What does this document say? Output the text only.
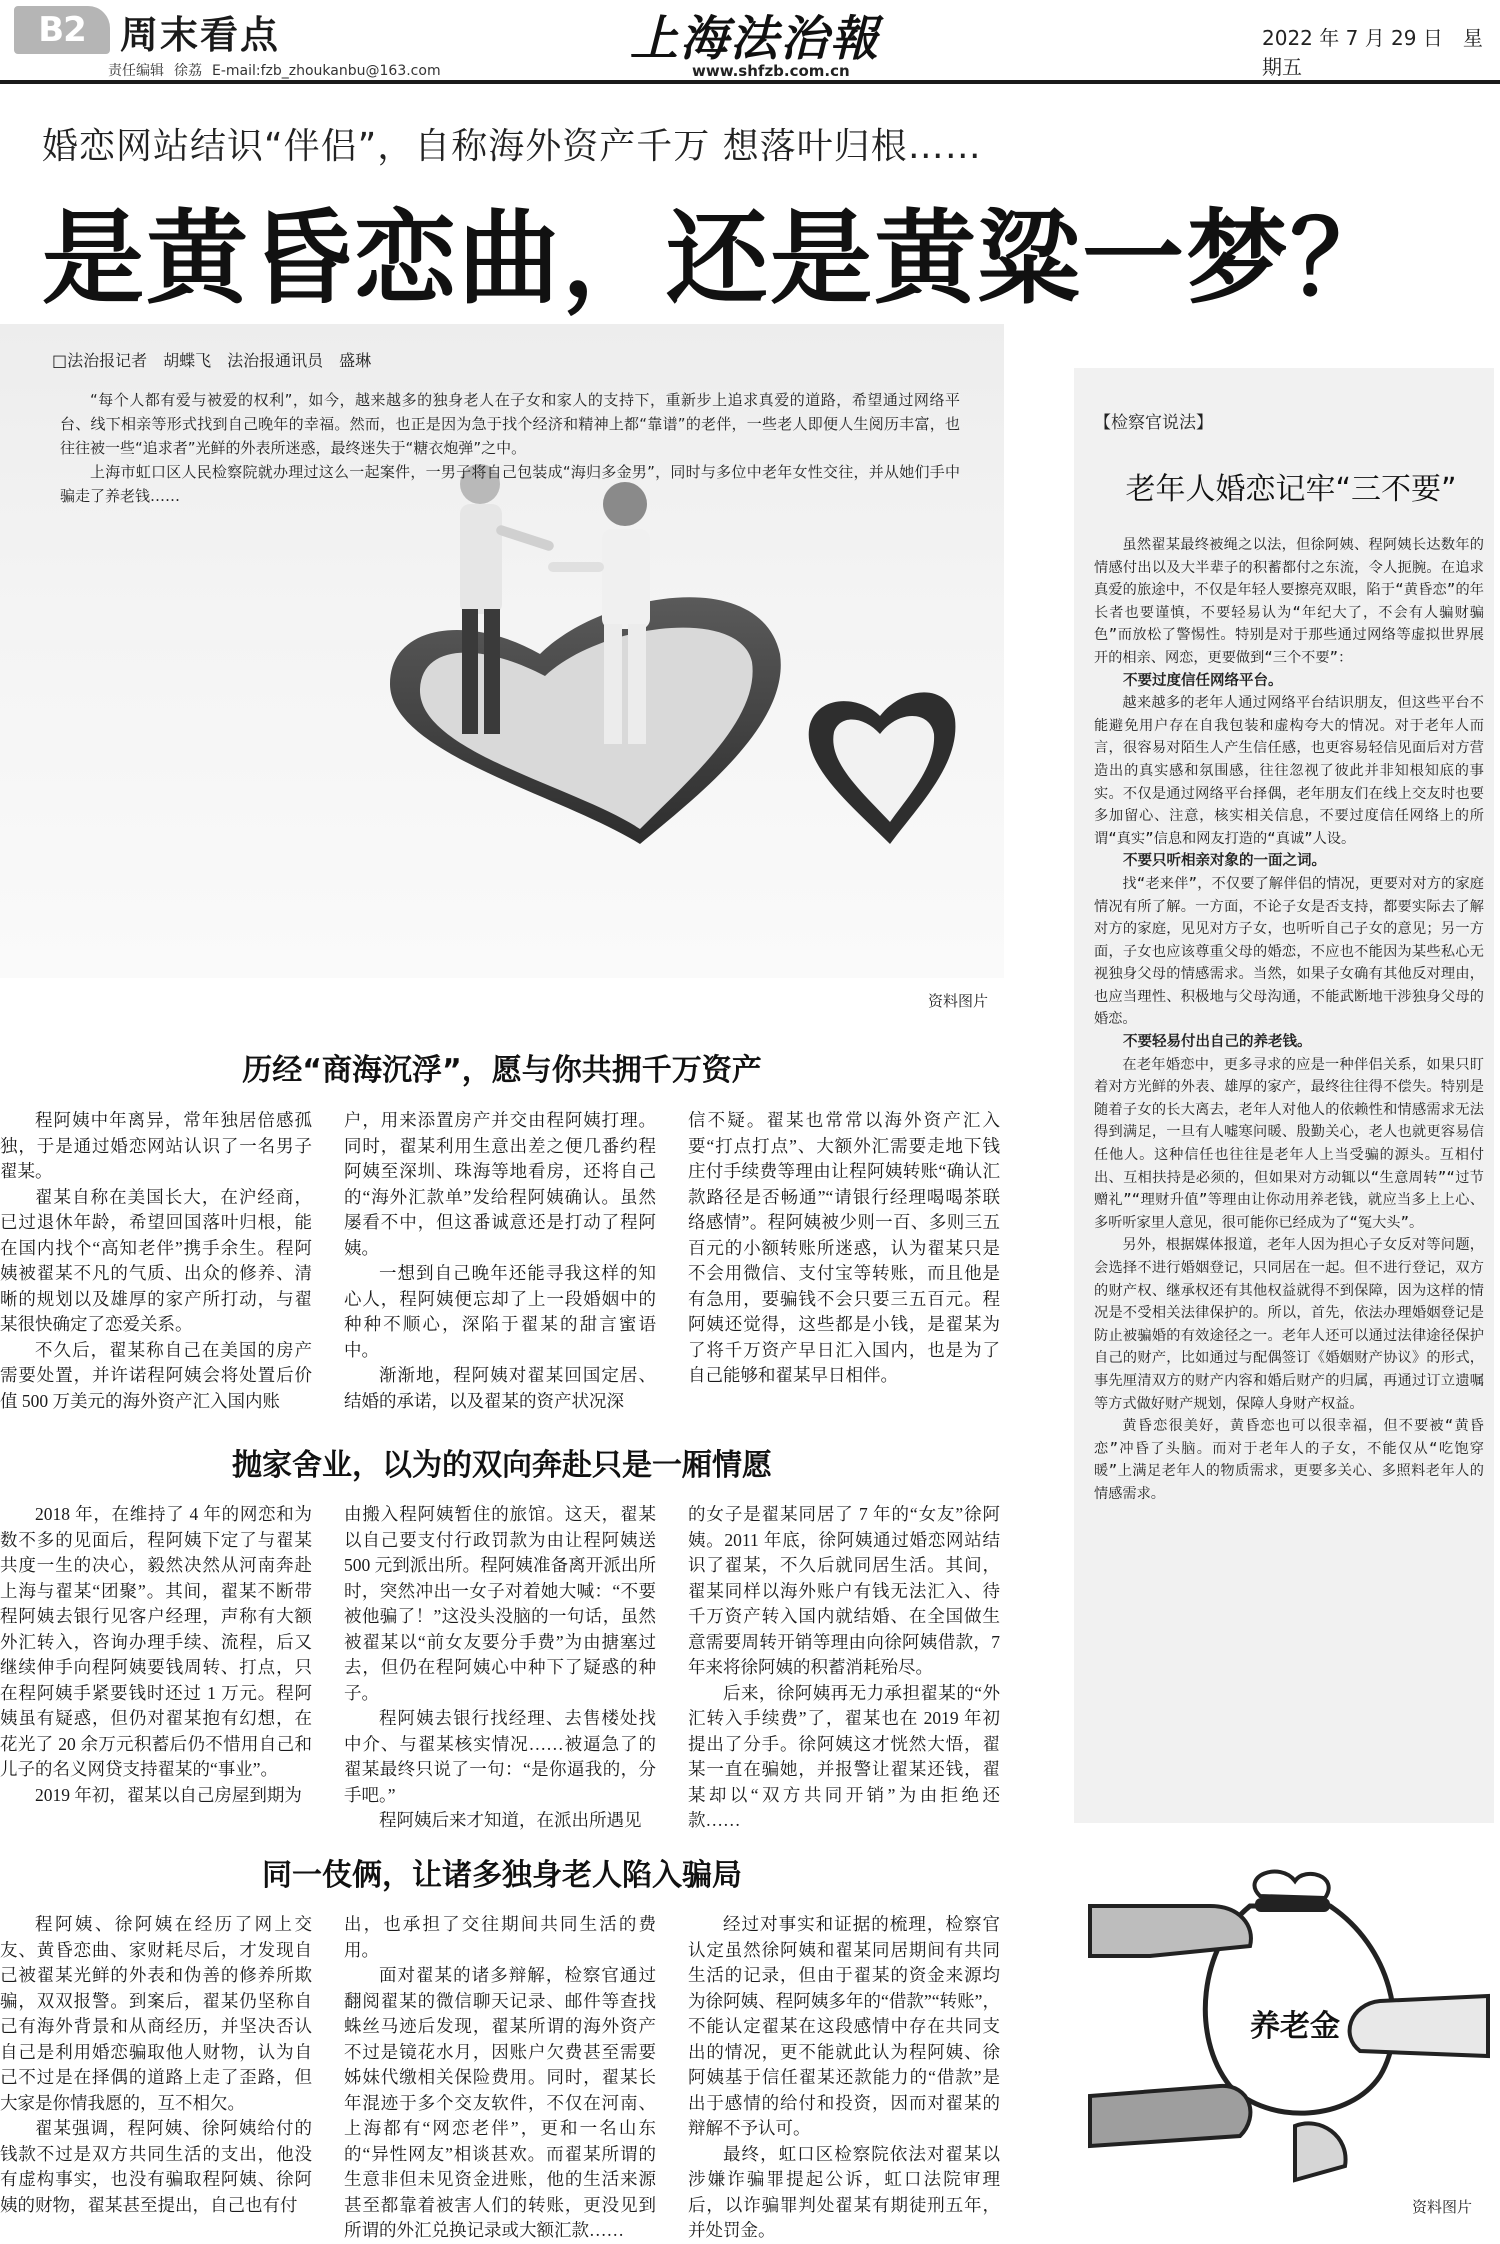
B2 周末看点
责任编辑 徐荔 E-mail:fzb_zhoukanbu@163.com
上海法治報
www.shfzb.com.cn
2022 年 7 月 29 日　星期五
婚恋网站结识“伴侣”，自称海外资产千万 想落叶归根……
是黄昏恋曲，还是黄粱一梦？
□法治报记者　胡蝶飞　法治报通讯员　盛琳

“每个人都有爱与被爱的权利”，如今，越来越多的独身老人在子女和家人的支持下，重新步上追求真爱的道路，希望通过网络平台、线下相亲等形式找到自己晚年的幸福。然而，也正是因为急于找个经济和精神上都“靠谱”的老伴，一些老人即便人生阅历丰富，也往往被一些“追求者”光鲜的外表所迷惑，最终迷失于“糖衣炮弹”之中。

上海市虹口区人民检察院就办理过这么一起案件，一男子将自己包装成“海归多金男”，同时与多位中老年女性交往，并从她们手中骗走了养老钱……

资料图片
历经“商海沉浮”，愿与你共拥千万资产

程阿姨中年离异，常年独居倍感孤独，于是通过婚恋网站认识了一名男子翟某。

翟某自称在美国长大，在沪经商，已过退休年龄，希望回国落叶归根，能在国内找个“高知老伴”携手余生。程阿姨被翟某不凡的气质、出众的修养、清晰的规划以及雄厚的家产所打动，与翟某很快确定了恋爱关系。

不久后，翟某称自己在美国的房产需要处置，并许诺程阿姨会将处置后价值 500 万美元的海外资产汇入国内账

户，用来添置房产并交由程阿姨打理。同时，翟某利用生意出差之便几番约程阿姨至深圳、珠海等地看房，还将自己的“海外汇款单”发给程阿姨确认。虽然屡看不中，但这番诚意还是打动了程阿姨。

一想到自己晚年还能寻我这样的知心人，程阿姨便忘却了上一段婚姻中的种种不顺心，深陷于翟某的甜言蜜语中。

渐渐地，程阿姨对翟某回国定居、结婚的承诺，以及翟某的资产状况深

信不疑。翟某也常常以海外资产汇入要“打点打点”、大额外汇需要走地下钱庄付手续费等理由让程阿姨转账“确认汇款路径是否畅通”“请银行经理喝喝茶联络感情”。程阿姨被少则一百、多则三五百元的小额转账所迷惑，认为翟某只是不会用微信、支付宝等转账，而且他是有急用，要骗钱不会只要三五百元。程阿姨还觉得，这些都是小钱，是翟某为了将千万资产早日汇入国内，也是为了自己能够和翟某早日相伴。

抛家舍业，以为的双向奔赴只是一厢情愿

2018 年，在维持了 4 年的网恋和为数不多的见面后，程阿姨下定了与翟某共度一生的决心，毅然决然从河南奔赴上海与翟某“团聚”。其间，翟某不断带程阿姨去银行见客户经理，声称有大额外汇转入，咨询办理手续、流程，后又继续伸手向程阿姨要钱周转、打点，只在程阿姨手紧要钱时还过 1 万元。程阿姨虽有疑惑，但仍对翟某抱有幻想，在花光了 20 余万元积蓄后仍不惜用自己和儿子的名义网贷支持翟某的“事业”。

2019 年初，翟某以自己房屋到期为

由搬入程阿姨暂住的旅馆。这天，翟某以自己要支付行政罚款为由让程阿姨送 500 元到派出所。程阿姨准备离开派出所时，突然冲出一女子对着她大喊：“不要被他骗了！”这没头没脑的一句话，虽然被翟某以“前女友要分手费”为由搪塞过去，但仍在程阿姨心中种下了疑惑的种子。

程阿姨去银行找经理、去售楼处找中介、与翟某核实情况……被逼急了的翟某最终只说了一句：“是你逼我的，分手吧。”

程阿姨后来才知道，在派出所遇见

的女子是翟某同居了 7 年的“女友”徐阿姨。2011 年底，徐阿姨通过婚恋网站结识了翟某，不久后就同居生活。其间，翟某同样以海外账户有钱无法汇入、待千万资产转入国内就结婚、在全国做生意需要周转开销等理由向徐阿姨借款，7 年来将徐阿姨的积蓄消耗殆尽。

后来，徐阿姨再无力承担翟某的“外汇转入手续费”了，翟某也在 2019 年初提出了分手。徐阿姨这才恍然大悟，翟某一直在骗她，并报警让翟某还钱，翟某却以“双方共同开销”为由拒绝还款……

同一伎俩，让诸多独身老人陷入骗局

程阿姨、徐阿姨在经历了网上交友、黄昏恋曲、家财耗尽后，才发现自己被翟某光鲜的外表和伪善的修养所欺骗，双双报警。到案后，翟某仍坚称自己有海外背景和从商经历，并坚决否认自己是利用婚恋骗取他人财物，认为自己不过是在择偶的道路上走了歪路，但大家是你情我愿的，互不相欠。

翟某强调，程阿姨、徐阿姨给付的钱款不过是双方共同生活的支出，他没有虚构事实，也没有骗取程阿姨、徐阿姨的财物，翟某甚至提出，自己也有付

出，也承担了交往期间共同生活的费用。

面对翟某的诸多辩解，检察官通过翻阅翟某的微信聊天记录、邮件等查找蛛丝马迹后发现，翟某所谓的海外资产不过是镜花水月，因账户欠费甚至需要姊妹代缴相关保险费用。同时，翟某长年混迹于多个交友软件，不仅在河南、上海都有“网恋老伴”，更和一名山东的“异性网友”相谈甚欢。而翟某所谓的生意非但未见资金进账，他的生活来源甚至都靠着被害人们的转账，更没见到所谓的外汇兑换记录或大额汇款……

经过对事实和证据的梳理，检察官认定虽然徐阿姨和翟某同居期间有共同生活的记录，但由于翟某的资金来源均为徐阿姨、程阿姨多年的“借款”“转账”，不能认定翟某在这段感情中存在共同支出的情况，更不能就此认为程阿姨、徐阿姨基于信任翟某还款能力的“借款”是出于感情的给付和投资，因而对翟某的辩解不予认可。

最终，虹口区检察院依法对翟某以涉嫌诈骗罪提起公诉，虹口法院审理后，以诈骗罪判处翟某有期徒刑五年，并处罚金。

【检察官说法】
老年人婚恋记牢“三不要”

虽然翟某最终被绳之以法，但徐阿姨、程阿姨长达数年的情感付出以及大半辈子的积蓄都付之东流，令人扼腕。在追求真爱的旅途中，不仅是年轻人要擦亮双眼，陷于“黄昏恋”的年长者也要谨慎，不要轻易认为“年纪大了，不会有人骗财骗色”而放松了警惕性。特别是对于那些通过网络等虚拟世界展开的相亲、网恋，更要做到“三个不要”：

不要过度信任网络平台。

越来越多的老年人通过网络平台结识朋友，但这些平台不能避免用户存在自我包装和虚构夸大的情况。对于老年人而言，很容易对陌生人产生信任感，也更容易轻信见面后对方营造出的真实感和氛围感，往往忽视了彼此并非知根知底的事实。不仅是通过网络平台择偶，老年朋友们在线上交友时也要多加留心、注意，核实相关信息，不要过度信任网络上的所谓“真实”信息和网友打造的“真诚”人设。

不要只听相亲对象的一面之词。

找“老来伴”，不仅要了解伴侣的情况，更要对对方的家庭情况有所了解。一方面，不论子女是否支持，都要实际去了解对方的家庭，见见对方子女，也听听自己子女的意见；另一方面，子女也应该尊重父母的婚恋，不应也不能因为某些私心无视独身父母的情感需求。当然，如果子女确有其他反对理由，也应当理性、积极地与父母沟通，不能武断地干涉独身父母的婚恋。

不要轻易付出自己的养老钱。

在老年婚恋中，更多寻求的应是一种伴侣关系，如果只盯着对方光鲜的外表、雄厚的家产，最终往往得不偿失。特别是随着子女的长大离去，老年人对他人的依赖性和情感需求无法得到满足，一旦有人嘘寒问暖、殷勤关心，老人也就更容易信任他人。这种信任也往往是老年人上当受骗的源头。互相付出、互相扶持是必须的，但如果对方动辄以“生意周转”“过节赠礼”“理财升值”等理由让你动用养老钱，就应当多上上心、多听听家里人意见，很可能你已经成为了“冤大头”。

另外，根据媒体报道，老年人因为担心子女反对等问题，会选择不进行婚姻登记，只同居在一起。但不进行登记，双方的财产权、继承权还有其他权益就得不到保障，因为这样的情况是不受相关法律保护的。所以，首先，依法办理婚姻登记是防止被骗婚的有效途径之一。老年人还可以通过法律途径保护自己的财产，比如通过与配偶签订《婚姻财产协议》的形式，事先厘清双方的财产内容和婚后财产的归属，再通过订立遗嘱等方式做好财产规划，保障人身财产权益。

黄昏恋很美好，黄昏恋也可以很幸福，但不要被“黄昏恋”冲昏了头脑。而对于老年人的子女，不能仅从“吃饱穿暖”上满足老年人的物质需求，更要多关心、多照料老年人的情感需求。

养老金
资料图片
